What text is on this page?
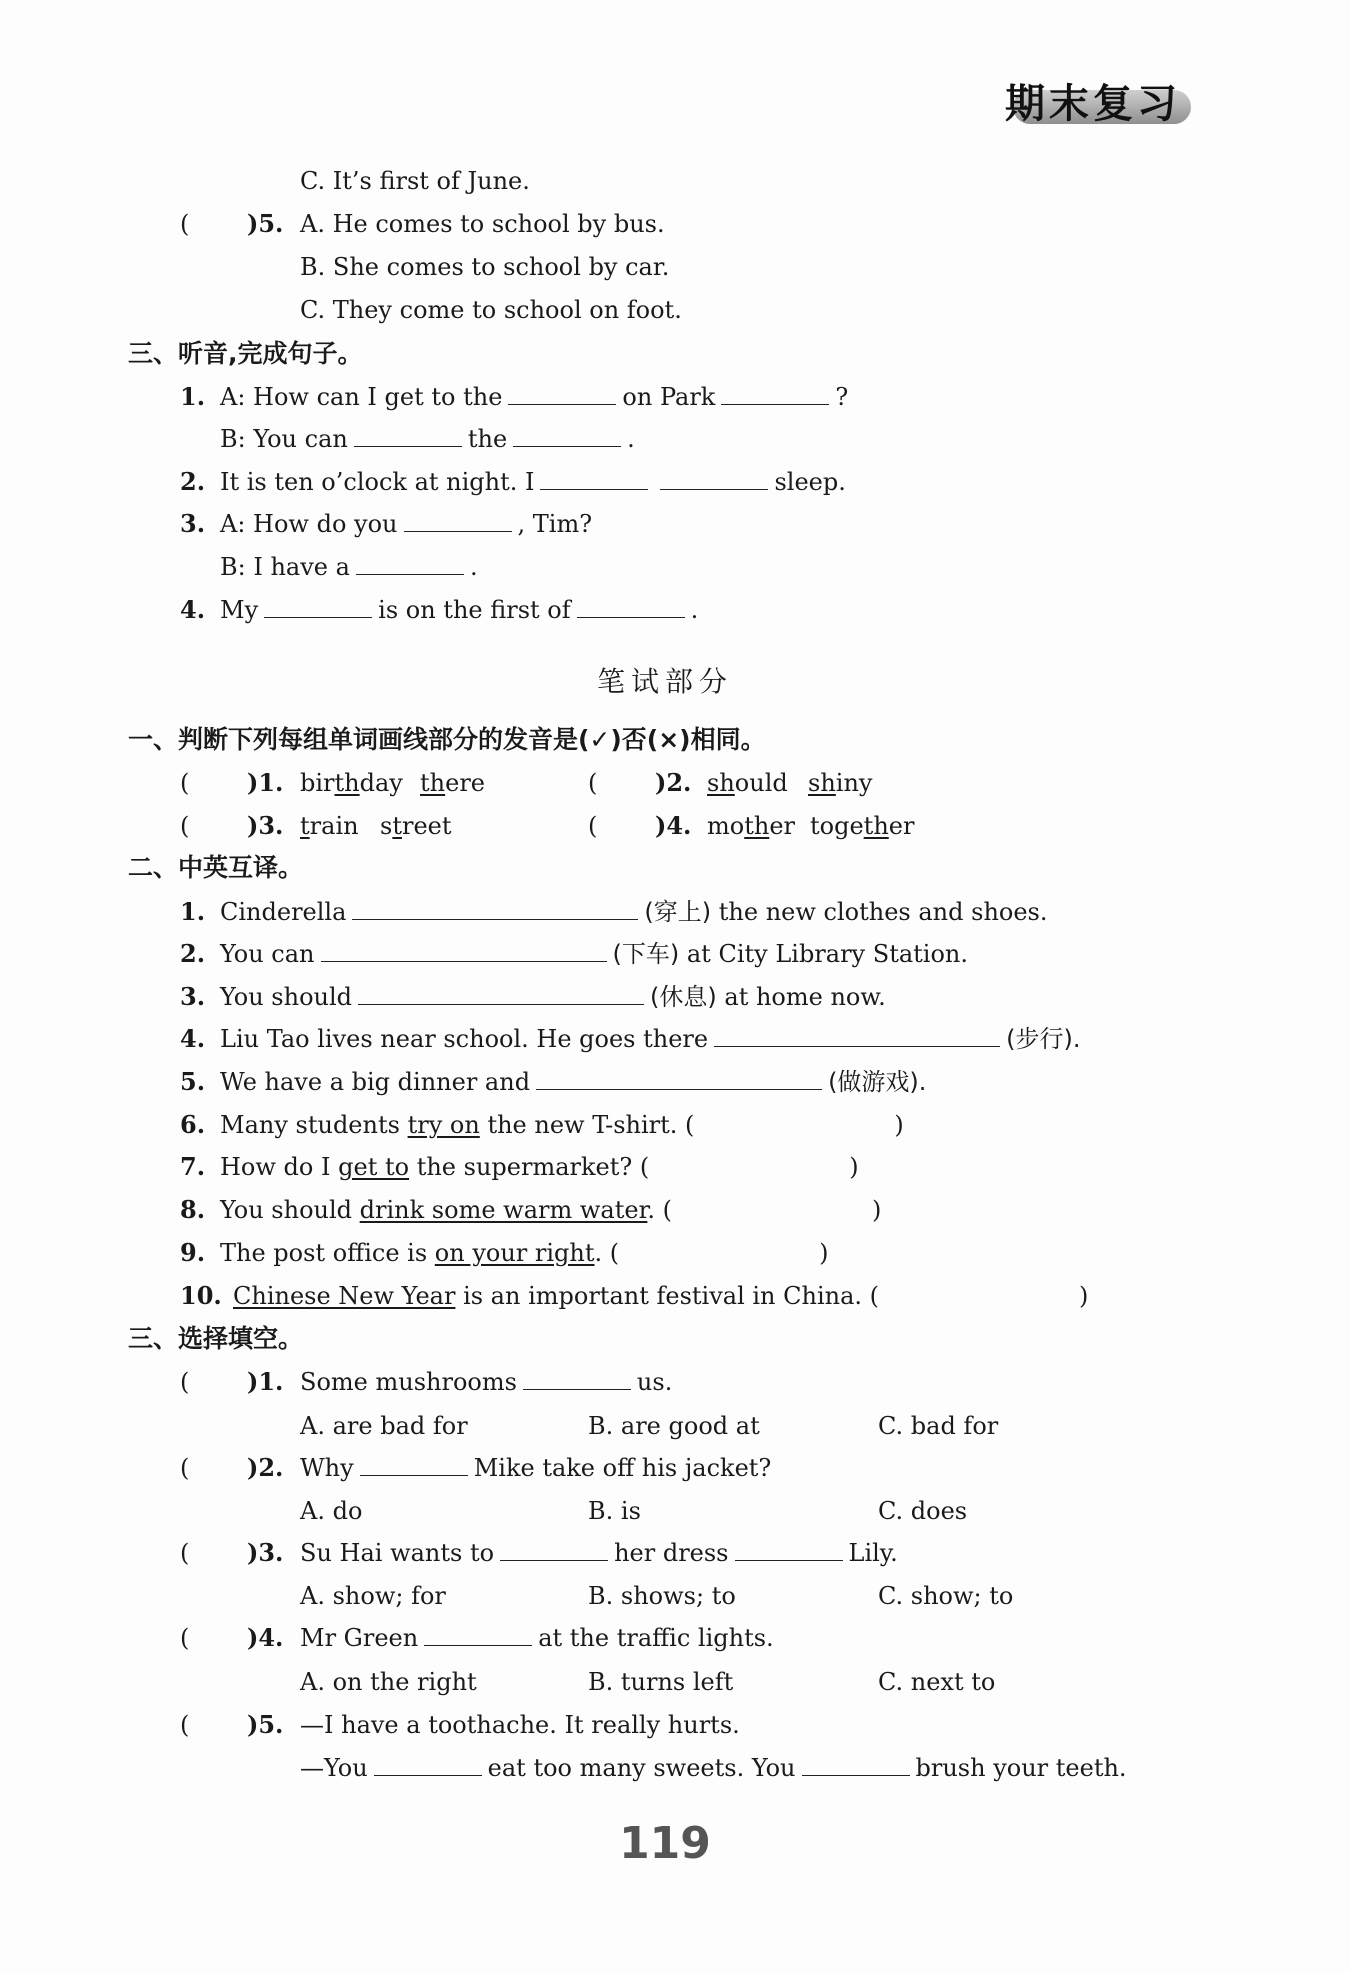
期末复习
C. It’s first of June.
( )5. A. He comes to school by bus.
B. She comes to school by car.
C. They come to school on foot.
三、听音,完成句子。
1. A: How can I get to the	on Park	?
B: You can	the	.
2. It is ten o’clock at night. I	sleep.
3. A: How do you	, Tim?
B: I have a	.
4. My	is on the first of	.
笔试部分
一、判断下列每组单词画线部分的发音是(✓)否(×)相同。
( )1. birthday there	( )2. should shiny
( )3. train street	( )4. mother together
二、中英互译。
1. Cinderella	(穿上) the new clothes and shoes.
2. You can	(下车) at City Library Station.
3. You should	(休息) at home now.
4. Liu Tao lives near school. He goes there	(步行).
5. We have a big dinner and	(做游戏).
6. Many students try on the new T-shirt. (	)
7. How do I get to the supermarket? (	)
8. You should drink some warm water. (	)
9. The post office is on your right. (	)
10. Chinese New Year is an important festival in China. (	)
三、选择填空。
( )1. Some mushrooms	us.
A. are bad for	B. are good at	C. bad for
( )2. Why	Mike take off his jacket?
A. do	B. is	C. does
( )3. Su Hai wants to	her dress	Lily.
A. show; for	B. shows; to	C. show; to
( )4. Mr Green	at the traffic lights.
A. on the right	B. turns left	C. next to
( )5. —I have a toothache. It really hurts.
—You	eat too many sweets. You	brush your teeth.
119
